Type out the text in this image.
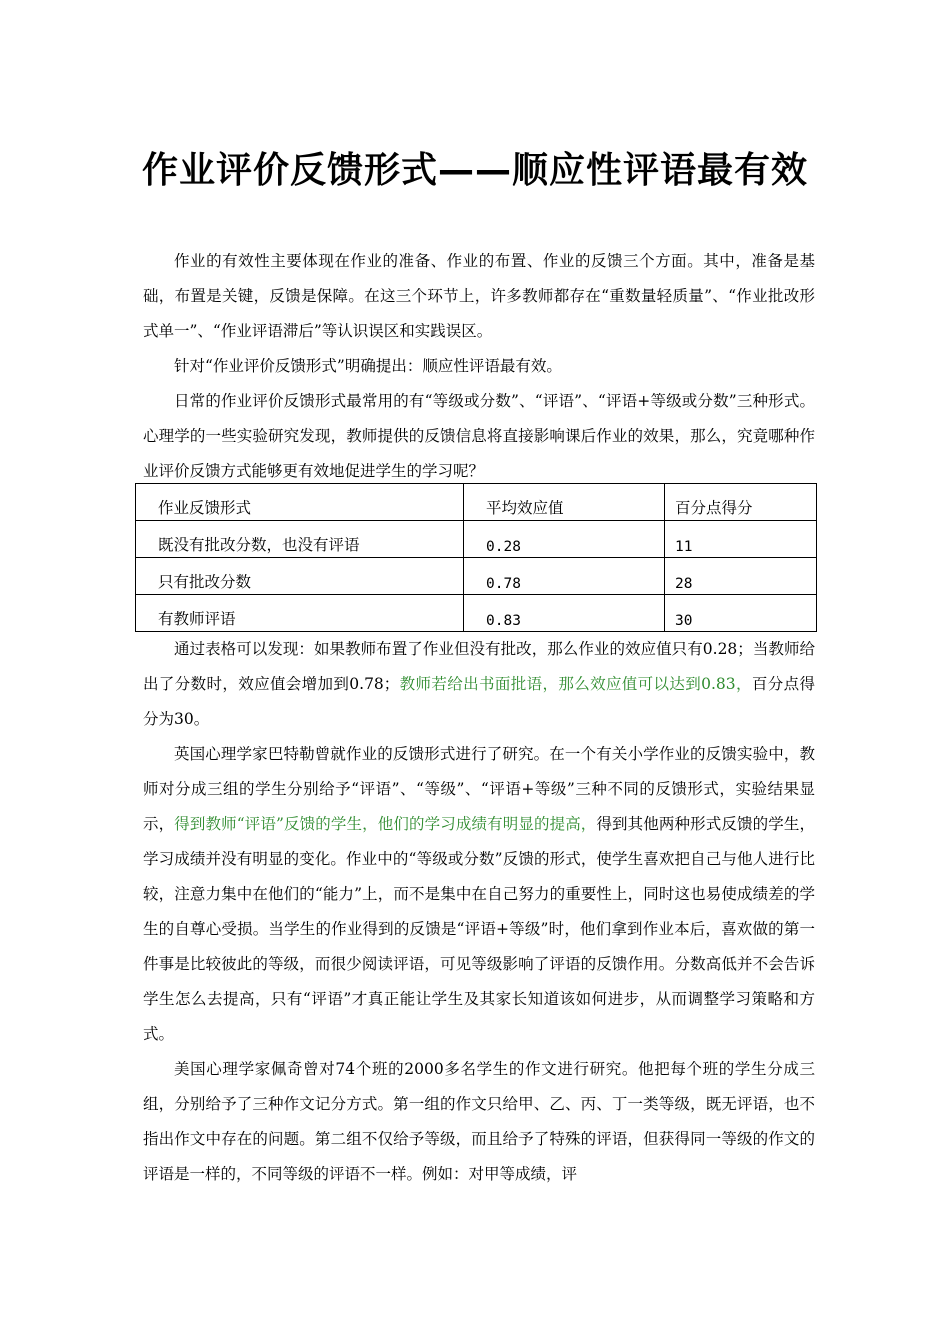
作业评价反馈形式——顺应性评语最有效

作业的有效性主要体现在作业的准备、作业的布置、作业的反馈三个方面。其中，准备是基础，布置是关键，反馈是保障。在这三个环节上，许多教师都存在“重数量轻质量”、“作业批改形式单一”、“作业评语滞后”等认识误区和实践误区。

针对“作业评价反馈形式”明确提出：顺应性评语最有效。

日常的作业评价反馈形式最常用的有“等级或分数”、“评语”、“评语+等级或分数”三种形式。心理学的一些实验研究发现，教师提供的反馈信息将直接影响课后作业的效果，那么，究竟哪种作业评价反馈方式能够更有效地促进学生的学习呢？

作业反馈形式	平均效应值	百分点得分
既没有批改分数，也没有评语	0.28	11
只有批改分数	0.78	28
有教师评语	0.83	30

通过表格可以发现：如果教师布置了作业但没有批改，那么作业的效应值只有0.28；当教师给出了分数时，效应值会增加到0.78；教师若给出书面批语，那么效应值可以达到0.83，百分点得分为30。

英国心理学家巴特勒曾就作业的反馈形式进行了研究。在一个有关小学作业的反馈实验中，教师对分成三组的学生分别给予“评语”、“等级”、“评语+等级”三种不同的反馈形式，实验结果显示，得到教师“评语”反馈的学生，他们的学习成绩有明显的提高，得到其他两种形式反馈的学生，学习成绩并没有明显的变化。作业中的“等级或分数”反馈的形式，使学生喜欢把自己与他人进行比较，注意力集中在他们的“能力”上，而不是集中在自己努力的重要性上，同时这也易使成绩差的学生的自尊心受损。当学生的作业得到的反馈是“评语+等级”时，他们拿到作业本后，喜欢做的第一件事是比较彼此的等级，而很少阅读评语，可见等级影响了评语的反馈作用。分数高低并不会告诉学生怎么去提高，只有“评语”才真正能让学生及其家长知道该如何进步，从而调整学习策略和方式。

美国心理学家佩奇曾对74个班的2000多名学生的作文进行研究。他把每个班的学生分成三组，分别给予了三种作文记分方式。第一组的作文只给甲、乙、丙、丁一类等级，既无评语，也不指出作文中存在的问题。第二组不仅给予等级，而且给予了特殊的评语，但获得同一等级的作文的评语是一样的，不同等级的评语不一样。例如：对甲等成绩，评
